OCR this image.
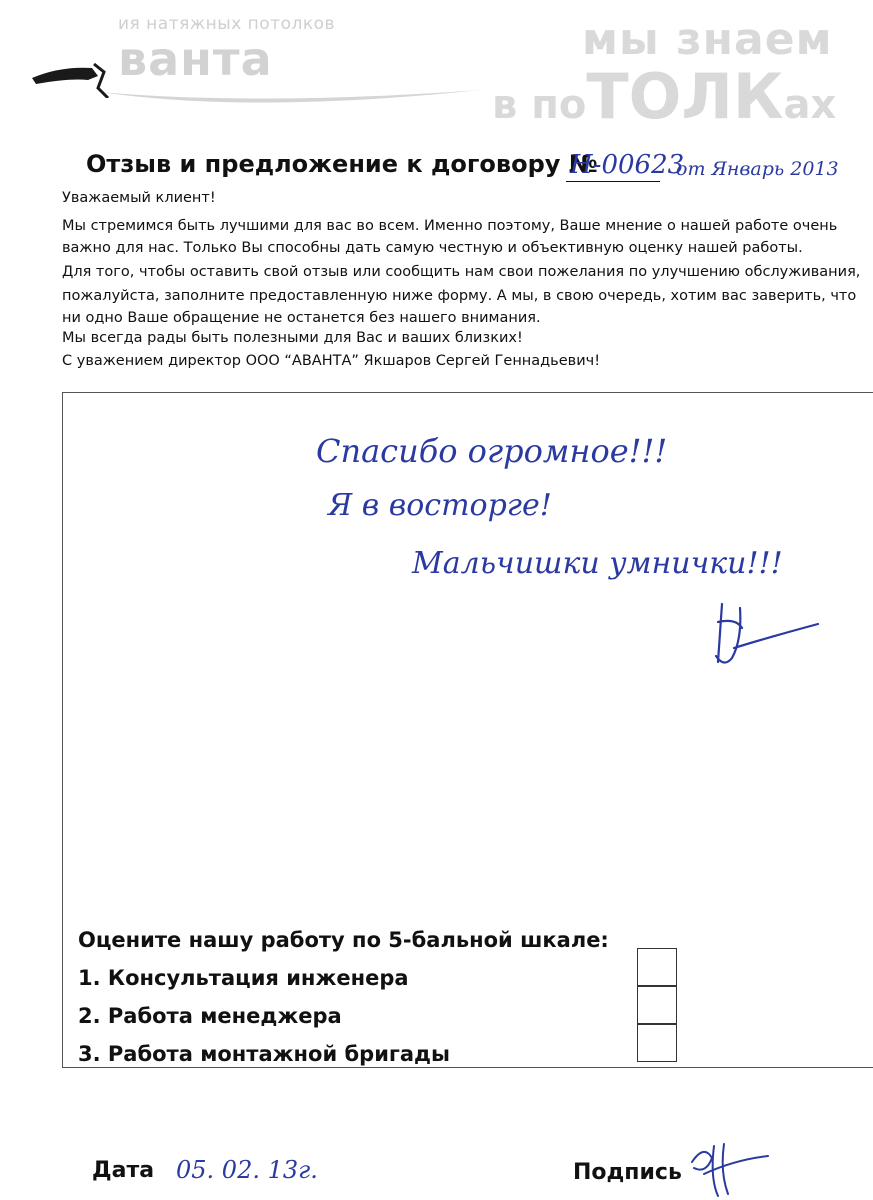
ия натяжных потолков
ванта	мы знаем
в поТОЛКах
Отзыв и предложение к договору №
Н-00623
от Январь 2013
Уважаемый клиент!
Мы стремимся быть лучшими для вас во всем. Именно поэтому, Ваше мнение о нашей работе очень
важно для нас. Только Вы способны дать самую честную и объективную оценку нашей работы.
Для того, чтобы оставить свой отзыв или сообщить нам свои пожелания по улучшению обслуживания,
пожалуйста, заполните предоставленную ниже форму. А мы, в свою очередь, хотим вас заверить, что
ни одно Ваше обращение не останется без нашего внимания.
Мы всегда рады быть полезными для Вас и ваших близких!
С уважением директор ООО “АВАНТА” Якшаров Сергей Геннадьевич!
Спасибо огромное!!!
Я в восторге!
Мальчишки умнички!!!
Оцените нашу работу по 5-бальной шкале:
1. Консультация инженера
2. Работа менеджера
3. Работа монтажной бригады
Дата 05. 02. 13г.	Подпись
